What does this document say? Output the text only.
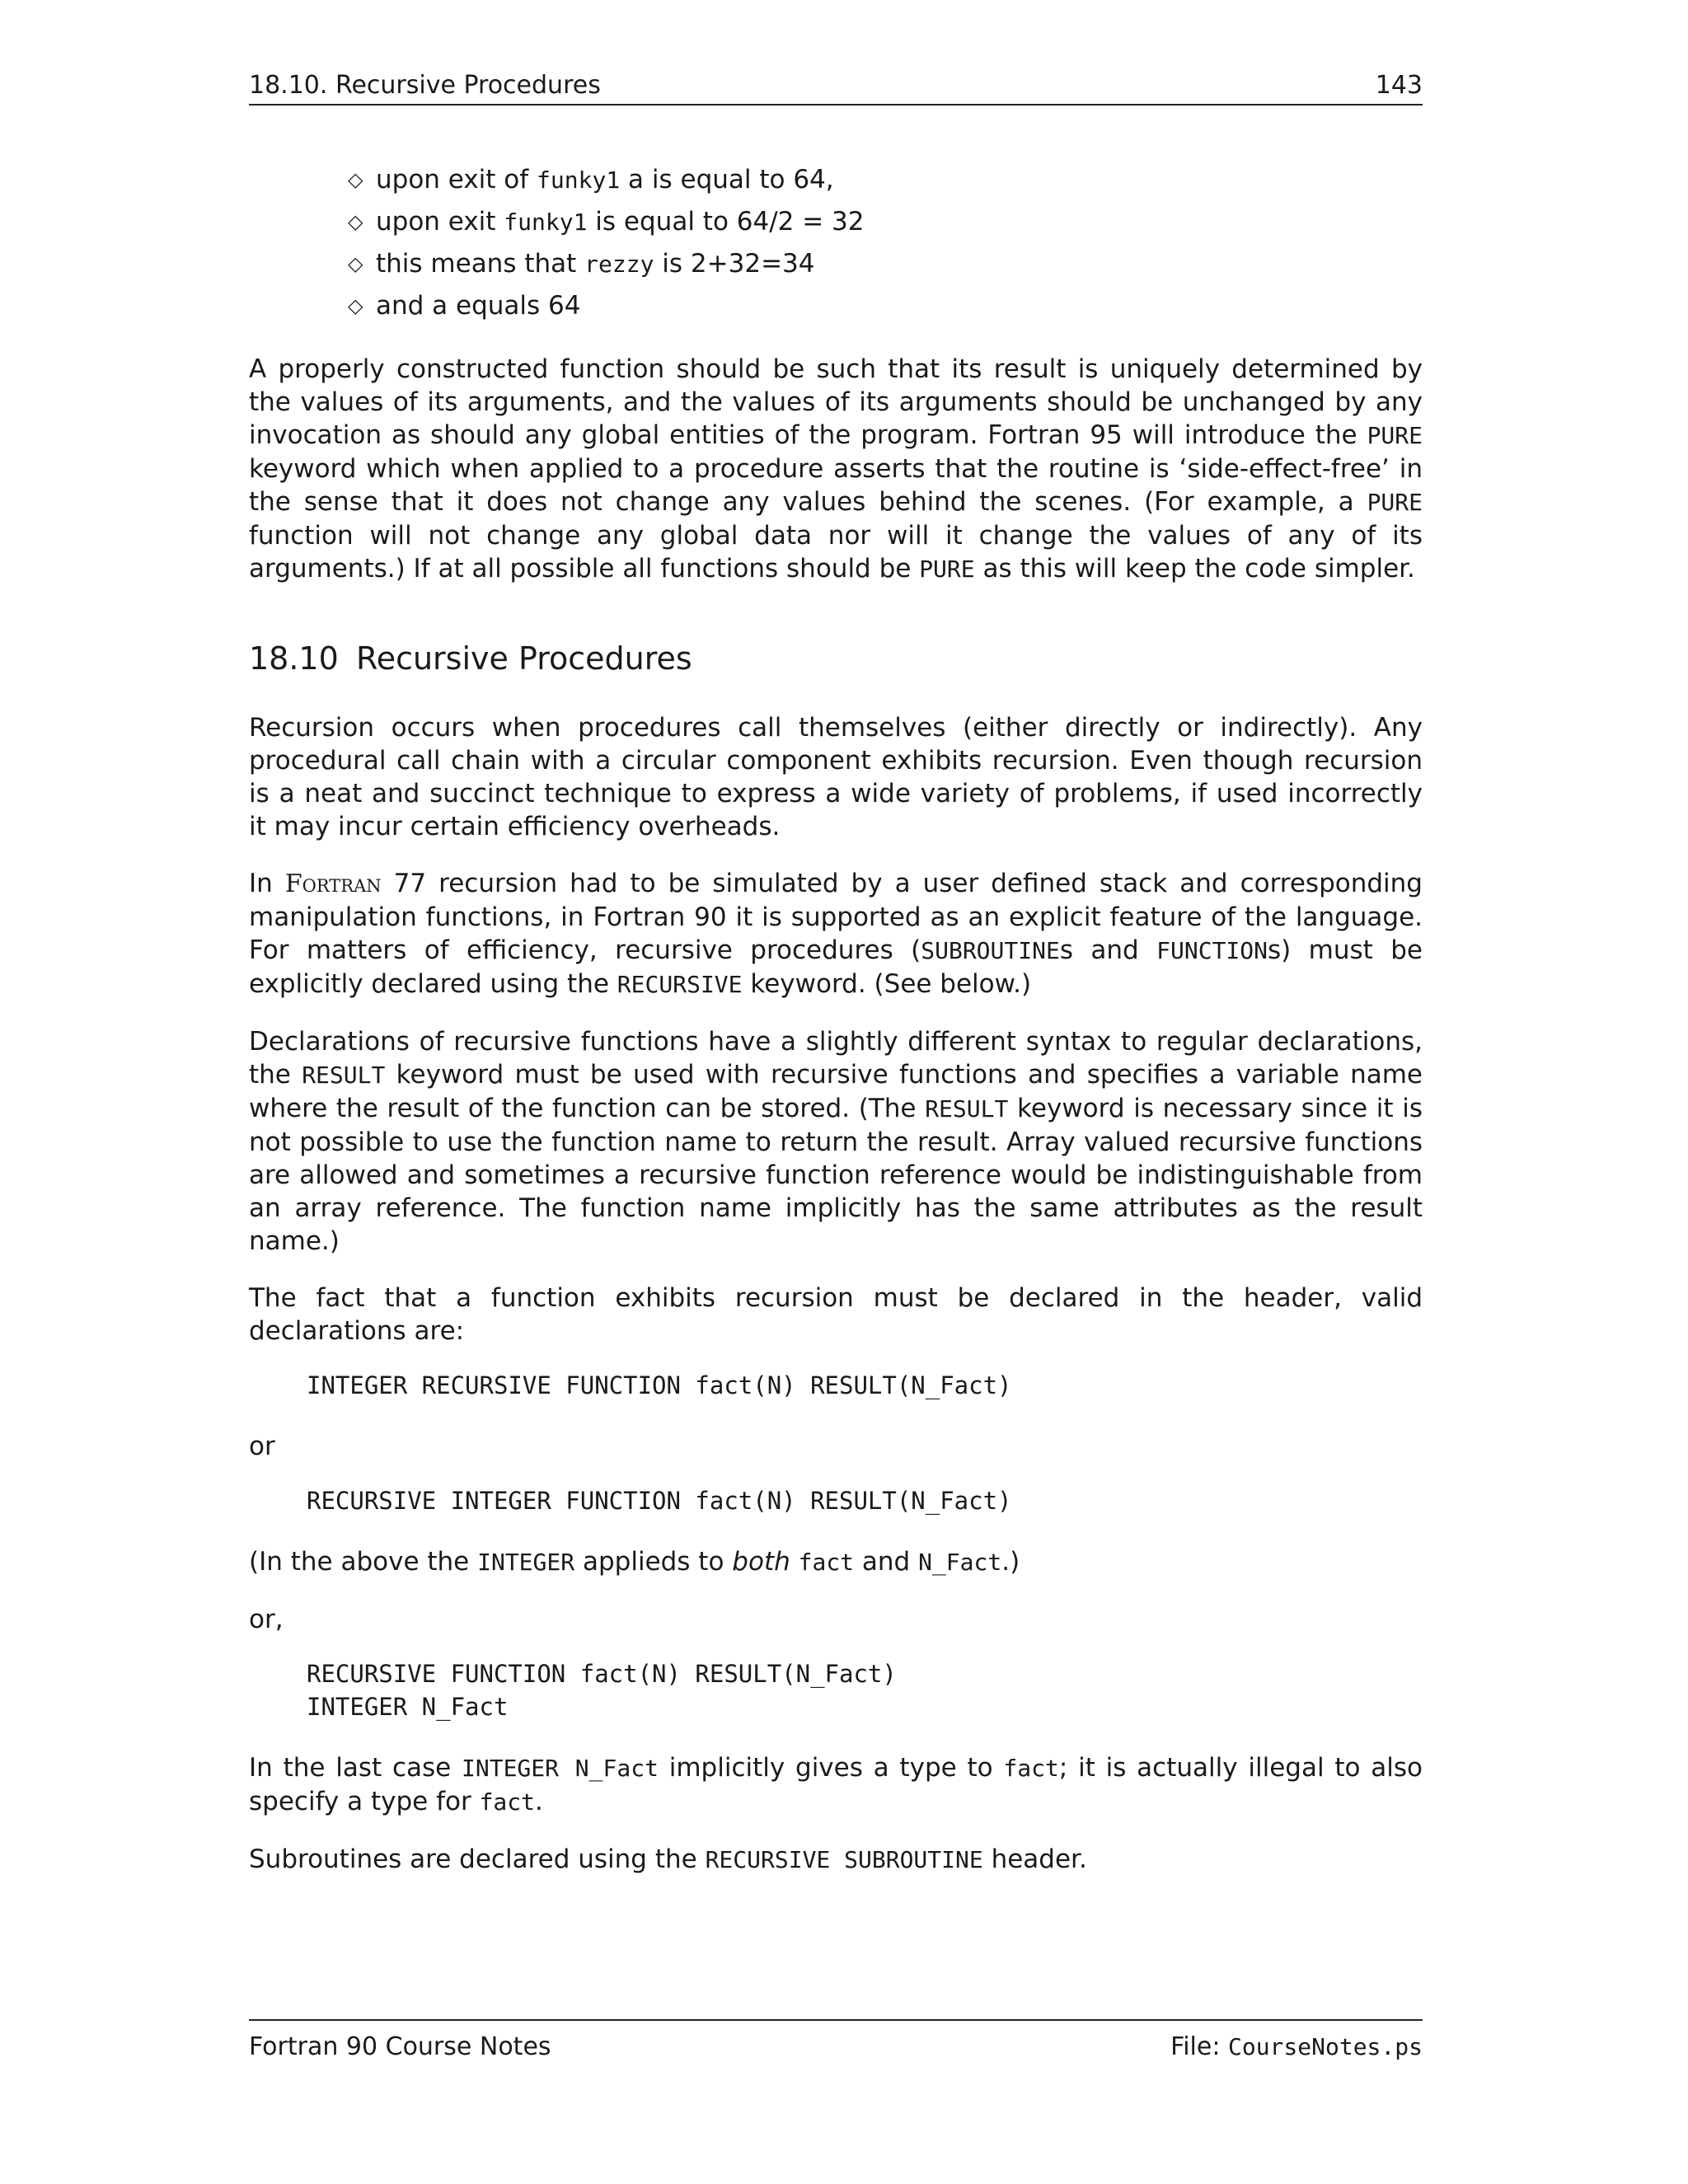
18.10. Recursive Procedures	143
◇ upon exit of funky1 a is equal to 64,
◇ upon exit funky1 is equal to 64/2 = 32
◇ this means that rezzy is 2+32=34
◇ and a equals 64

A properly constructed function should be such that its result is uniquely determined by the values of its arguments, and the values of its arguments should be unchanged by any invocation as should any global entities of the program. Fortran 95 will introduce the PURE keyword which when applied to a procedure asserts that the routine is ‘side-effect-free’ in the sense that it does not change any values behind the scenes. (For example, a PURE function will not change any global data nor will it change the values of any of its arguments.) If at all possible all functions should be PURE as this will keep the code simpler.

18.10 Recursive Procedures

Recursion occurs when procedures call themselves (either directly or indirectly). Any procedural call chain with a circular component exhibits recursion. Even though recursion is a neat and succinct technique to express a wide variety of problems, if used incorrectly it may incur certain efficiency overheads.

In Fortran 77 recursion had to be simulated by a user defined stack and corresponding manipulation functions, in Fortran 90 it is supported as an explicit feature of the language. For matters of efficiency, recursive procedures (SUBROUTINEs and FUNCTIONs) must be explicitly declared using the RECURSIVE keyword. (See below.)

Declarations of recursive functions have a slightly different syntax to regular declarations, the RESULT keyword must be used with recursive functions and specifies a variable name where the result of the function can be stored. (The RESULT keyword is necessary since it is not possible to use the function name to return the result. Array valued recursive functions are allowed and sometimes a recursive function reference would be indistinguishable from an array reference. The function name implicitly has the same attributes as the result name.)

The fact that a function exhibits recursion must be declared in the header, valid declarations are:

INTEGER RECURSIVE FUNCTION fact(N) RESULT(N_Fact)

or

RECURSIVE INTEGER FUNCTION fact(N) RESULT(N_Fact)

(In the above the INTEGER applieds to both fact and N_Fact.)

or,

RECURSIVE FUNCTION fact(N) RESULT(N_Fact)
INTEGER N_Fact

In the last case INTEGER N_Fact implicitly gives a type to fact; it is actually illegal to also specify a type for fact.

Subroutines are declared using the RECURSIVE SUBROUTINE header.

Fortran 90 Course Notes	File: CourseNotes.ps
